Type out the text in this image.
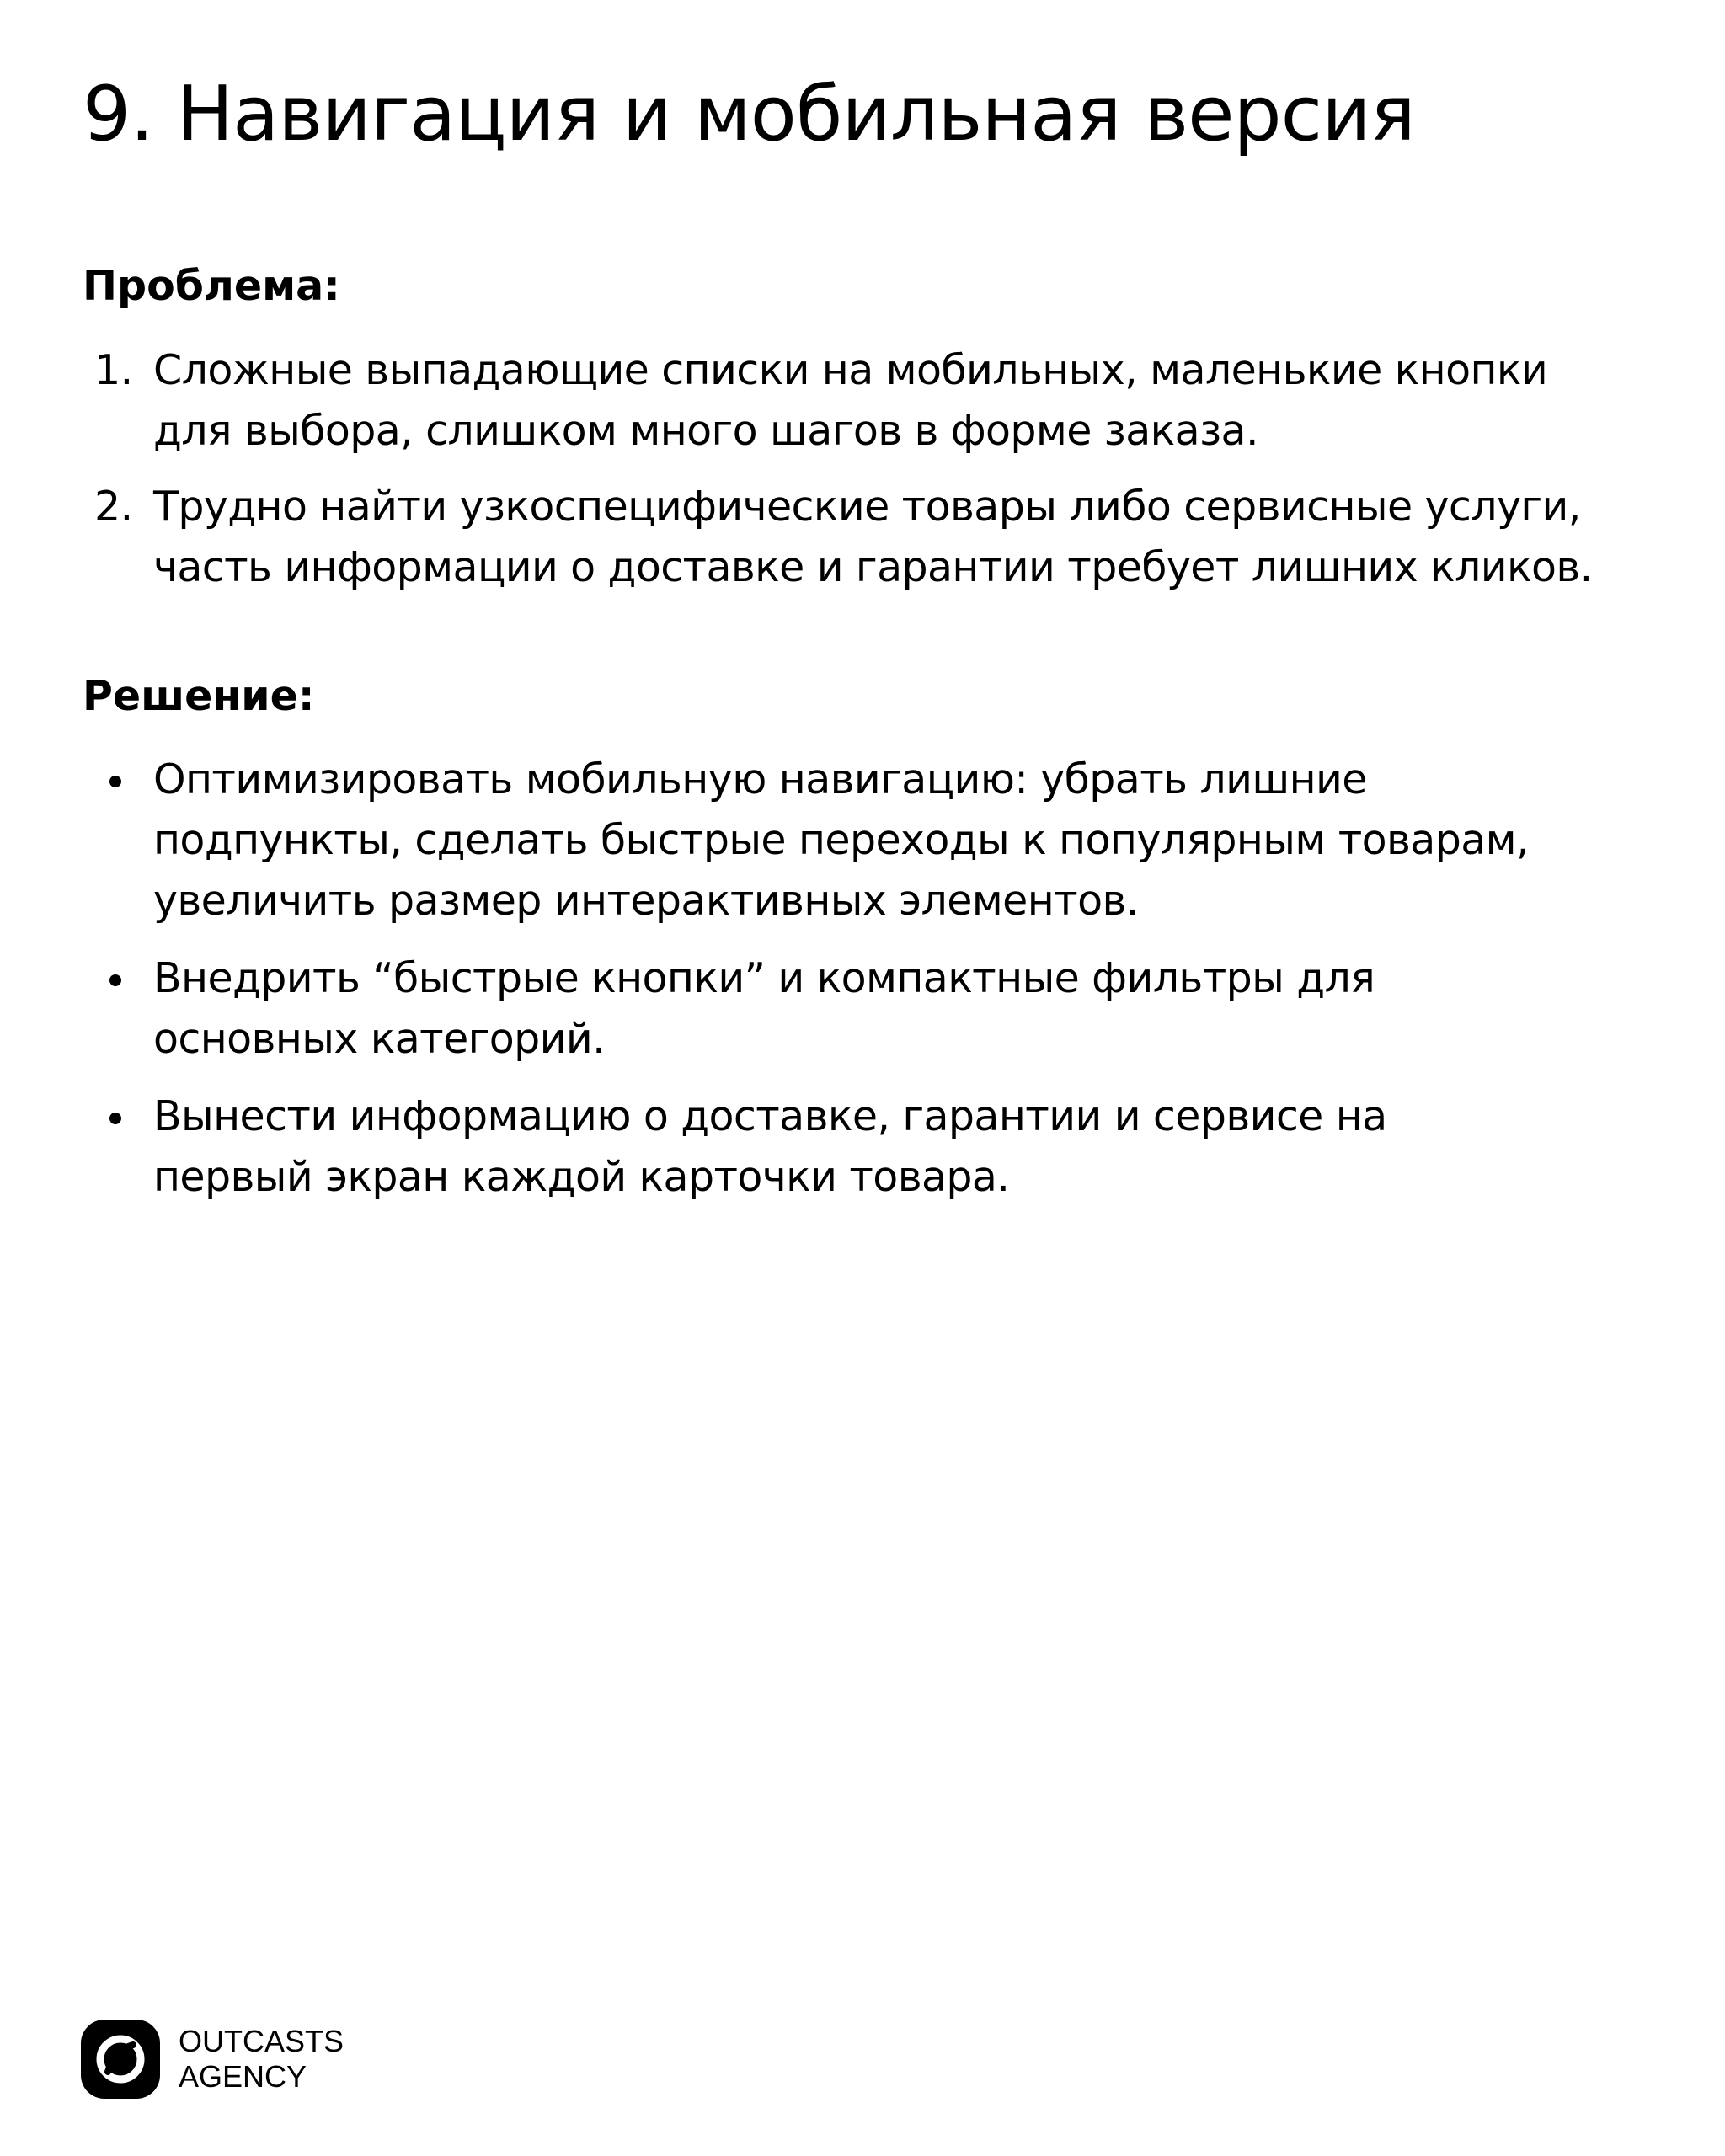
9. Навигация и мобильная версия
Проблема:
1. Сложные выпадающие списки на мобильных, маленькие кнопки
для выбора, слишком много шагов в форме заказа.
2. Трудно найти узкоспецифические товары либо сервисные услуги,
часть информации о доставке и гарантии требует лишних кликов.
Решение:
Оптимизировать мобильную навигацию: убрать лишние
подпункты, сделать быстрые переходы к популярным товарам,
увеличить размер интерактивных элементов.
Внедрить “быстрые кнопки” и компактные фильтры для
основных категорий.
Вынести информацию о доставке, гарантии и сервисе на
первый экран каждой карточки товара.
OUTCASTS
AGENCY
